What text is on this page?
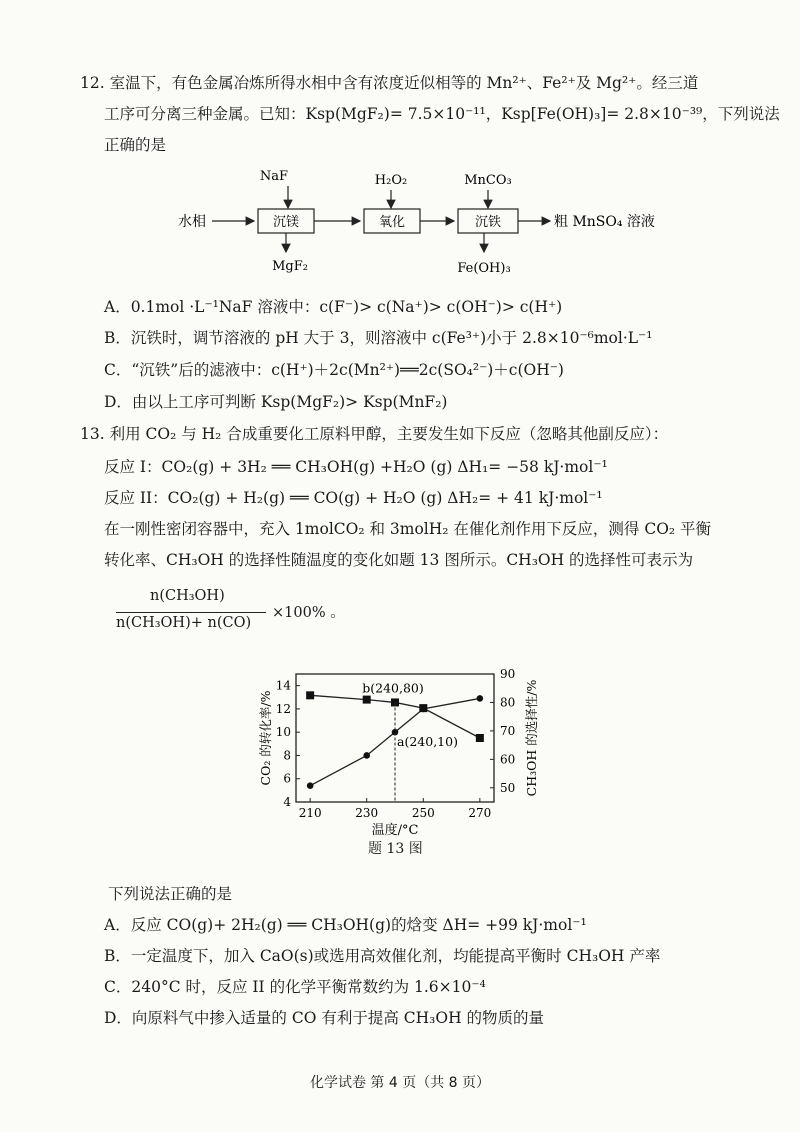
12. 室温下，有色金属冶炼所得水相中含有浓度近似相等的 Mn²⁺、Fe²⁺及 Mg²⁺。经三道
工序可分离三种金属。已知：Ksp(MgF₂)= 7.5×10⁻¹¹，Ksp[Fe(OH)₃]= 2.8×10⁻³⁹，下列说法
正确的是
NaF	H₂O₂	MnCO₃
水相	沉镁	氧化	沉铁	粗 MnSO₄ 溶液
MgF₂	Fe(OH)₃
A．0.1mol ·L⁻¹NaF 溶液中：c(F⁻)> c(Na⁺)> c(OH⁻)> c(H⁺)
B．沉铁时，调节溶液的 pH 大于 3，则溶液中 c(Fe³⁺)小于 2.8×10⁻⁶mol·L⁻¹
C．“沉铁”后的滤液中：c(H⁺)＋2c(Mn²⁺)══2c(SO₄²⁻)＋c(OH⁻)
D．由以上工序可判断 Ksp(MgF₂)> Ksp(MnF₂)
13. 利用 CO₂ 与 H₂ 合成重要化工原料甲醇，主要发生如下反应（忽略其他副反应）：
反应 I：CO₂(g) + 3H₂ ══ CH₃OH(g) +H₂O (g) ΔH₁= −58 kJ·mol⁻¹
反应 II：CO₂(g) + H₂(g) ══ CO(g) + H₂O (g) ΔH₂= + 41 kJ·mol⁻¹
在一刚性密闭容器中，充入 1molCO₂ 和 3molH₂ 在催化剂作用下反应，测得 CO₂ 平衡
转化率、CH₃OH 的选择性随温度的变化如题 13 图所示。CH₃OH 的选择性可表示为
n(CH₃OH)
n(CH₃OH)+ n(CO)
×100% 。
210	230	250	270
4
6
8
10
12
14
50
60
70
80
90
b(240,80)
a(240,10)
温度/°C
CO₂ 的转化率/%	CH₃OH 的选择性/%
题 13 图
下列说法正确的是
A．反应 CO(g)+ 2H₂(g) ══ CH₃OH(g)的焓变 ΔH= +99 kJ·mol⁻¹
B．一定温度下，加入 CaO(s)或选用高效催化剂，均能提高平衡时 CH₃OH 产率
C．240°C 时，反应 II 的化学平衡常数约为 1.6×10⁻⁴
D．向原料气中掺入适量的 CO 有利于提高 CH₃OH 的物质的量
化学试卷 第 4 页（共 8 页）
